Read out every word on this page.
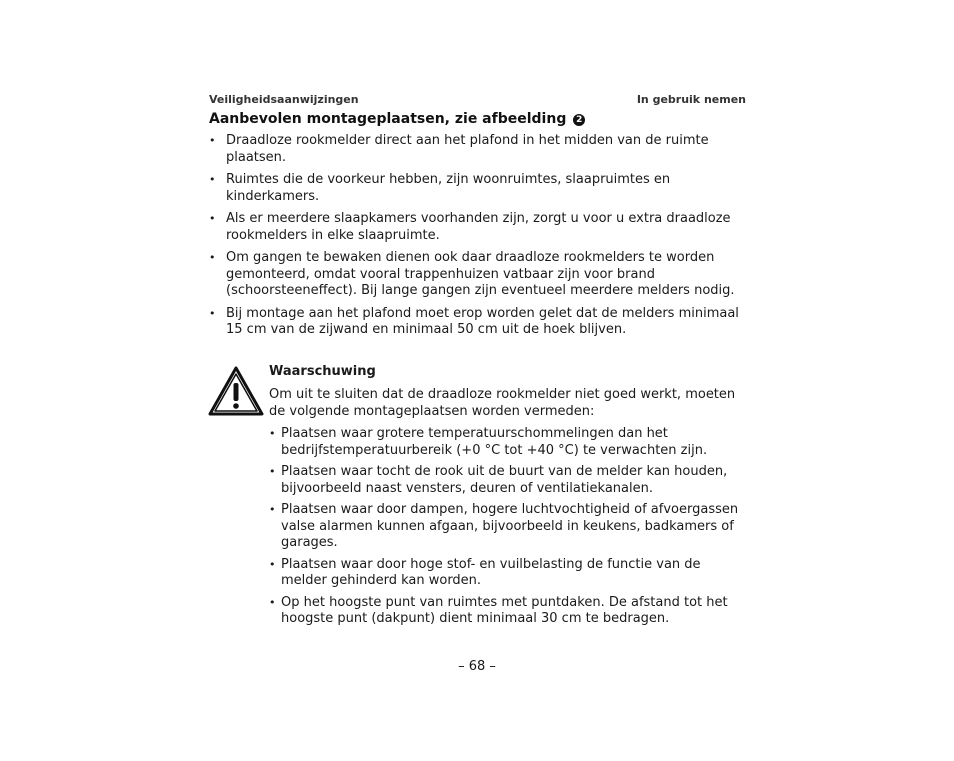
Veiligheidsaanwijzingen	In gebruik nemen
Aanbevolen montageplaatsen, zie afbeelding 2
• Draadloze rookmelder direct aan het plafond in het midden van de ruimte plaatsen.
• Ruimtes die de voorkeur hebben, zijn woonruimtes, slaapruimtes en kinderkamers.
• Als er meerdere slaapkamers voorhanden zijn, zorgt u voor u extra draadloze rookmelders in elke slaapruimte.
• Om gangen te bewaken dienen ook daar draadloze rookmelders te worden gemonteerd, omdat vooral trappenhuizen vatbaar zijn voor brand (schoorsteeneffect). Bij lange gangen zijn eventueel meerdere melders nodig.
• Bij montage aan het plafond moet erop worden gelet dat de melders minimaal 15 cm van de zijwand en minimaal 50 cm uit de hoek blijven.

Waarschuwing

Om uit te sluiten dat de draadloze rookmelder niet goed werkt, moeten de volgende montageplaatsen worden vermeden:

• Plaatsen waar grotere temperatuurschommelingen dan het bedrijfstemperatuurbereik (+0 °C tot +40 °C) te verwachten zijn.
• Plaatsen waar tocht de rook uit de buurt van de melder kan houden, bijvoorbeeld naast vensters, deuren of ventilatiekanalen.
• Plaatsen waar door dampen, hogere luchtvochtigheid of afvoergassen valse alarmen kunnen afgaan, bijvoorbeeld in keukens, badkamers of garages.
• Plaatsen waar door hoge stof- en vuilbelasting de functie van de melder gehinderd kan worden.
• Op het hoogste punt van ruimtes met puntdaken. De afstand tot het hoogste punt (dakpunt) dient minimaal 30 cm te bedragen.
– 68 –
